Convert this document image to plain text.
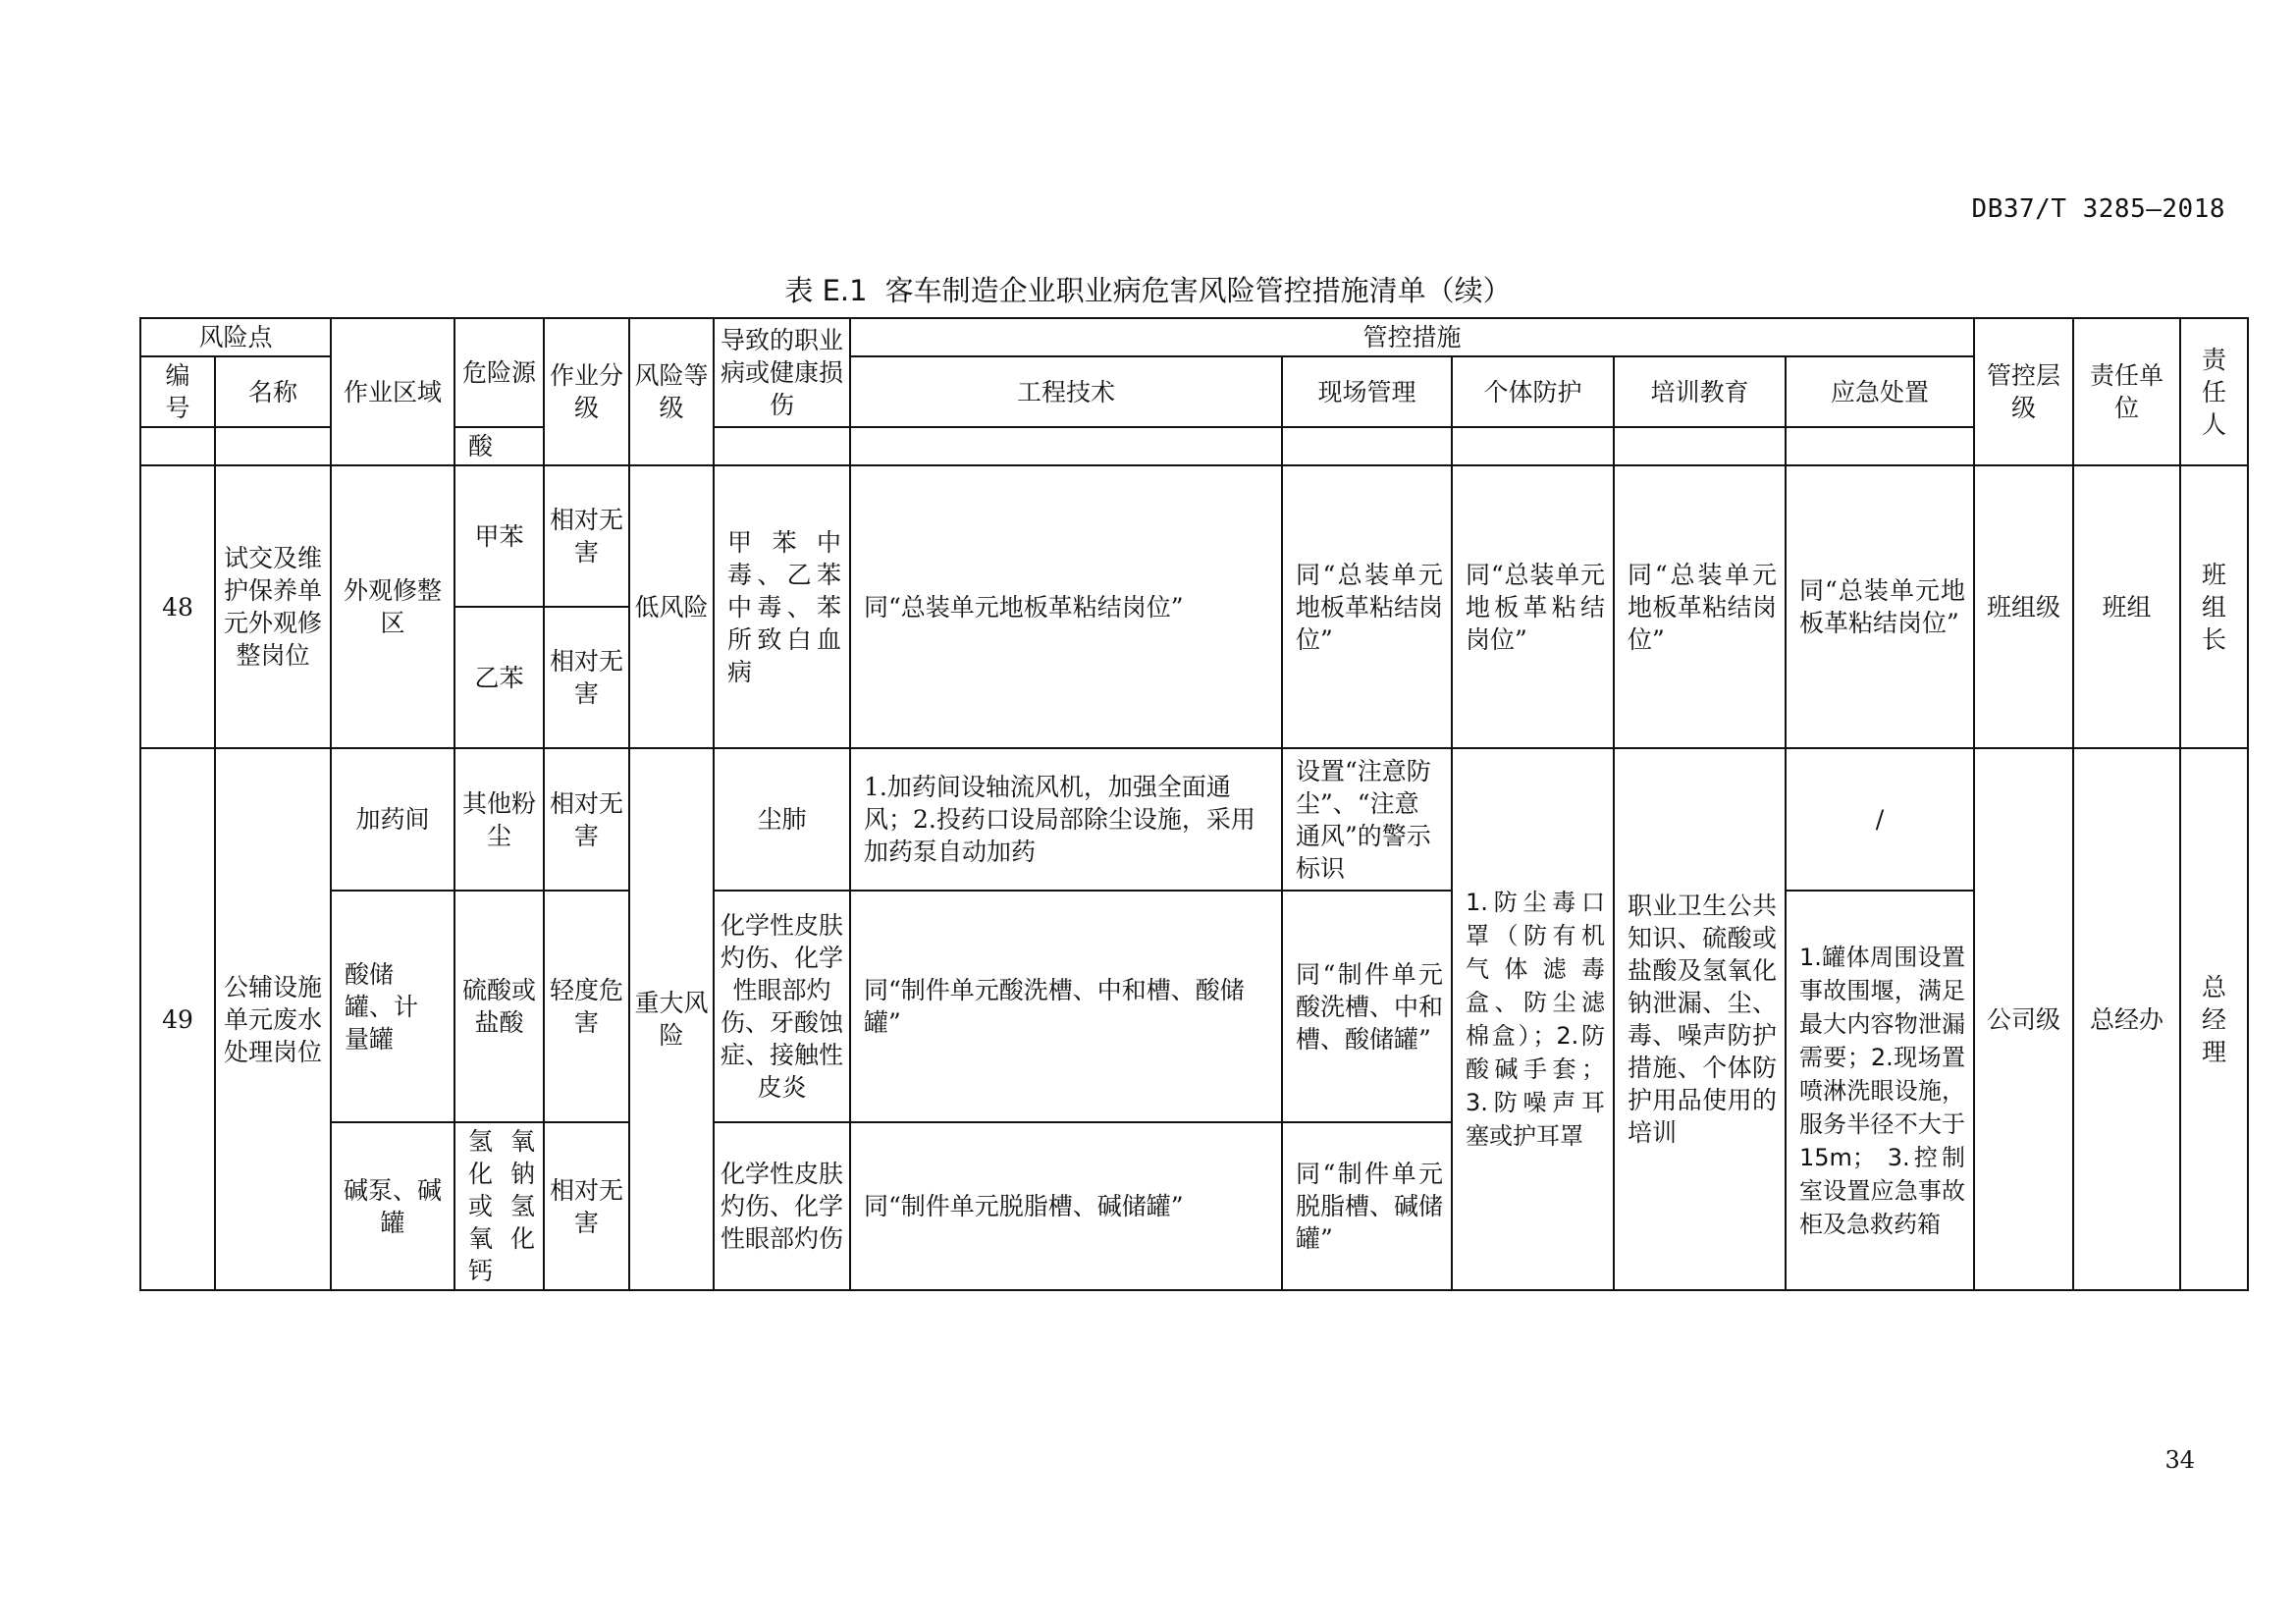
DB37/T 3285—2018
表 E.1 客车制造企业职业病危害风险管控措施清单（续）
风险点		作业区域	危险源	作业分级	风险等级	导致的职业病或健康损伤	管控措施					管控层级	责任单位	责任人	
编号	名称						工程技术	现场管理	个体防护	培训教育	应急处置				
			酸												
48	试交及维护保养单元外观修整岗位	外观修整区	甲苯	相对无害	低风险	甲苯中毒、乙苯中毒、苯所致白血病	同“总装单元地板革粘结岗位”	同“总装单元地板革粘结岗位”	同“总装单元地板革粘结岗位”	同“总装单元地板革粘结岗位”	同“总装单元地板革粘结岗位”	班组级	班组	班组长	
			乙苯	相对无害											
49	公辅设施单元废水处理岗位	加药间	其他粉尘	相对无害	重大风险	尘肺	1.加药间设轴流风机，加强全面通风；2.投药口设局部除尘设施，采用加药泵自动加药	设置“注意防尘”、“注意通风”的警示标识	1.防尘毒口罩（防有机气体滤毒盒、防尘滤棉盒）；2.防酸碱手套；3.防噪声耳塞或护耳罩	职业卫生公共知识、硫酸或盐酸及氢氧化钠泄漏、尘、毒、噪声防护措施、个体防护用品使用的培训	/	公司级	总经办	总经理	
		酸储罐、计量罐	硫酸或盐酸	轻度危害		化学性皮肤灼伤、化学性眼部灼伤、牙酸蚀症、接触性皮炎	同“制件单元酸洗槽、中和槽、酸储罐”	同“制件单元酸洗槽、中和槽、酸储罐”			1.罐体周围设置事故围堰，满足最大内容物泄漏需要；2.现场置喷淋洗眼设施，服务半径不大于15m； 3.控制室设置应急事故柜及急救药箱				
		碱泵、碱罐	氢氧化钠或氢氧化钙	相对无害		化学性皮肤灼伤、化学性眼部灼伤	同“制件单元脱脂槽、碱储罐”	同“制件单元脱脂槽、碱储罐”							
34
